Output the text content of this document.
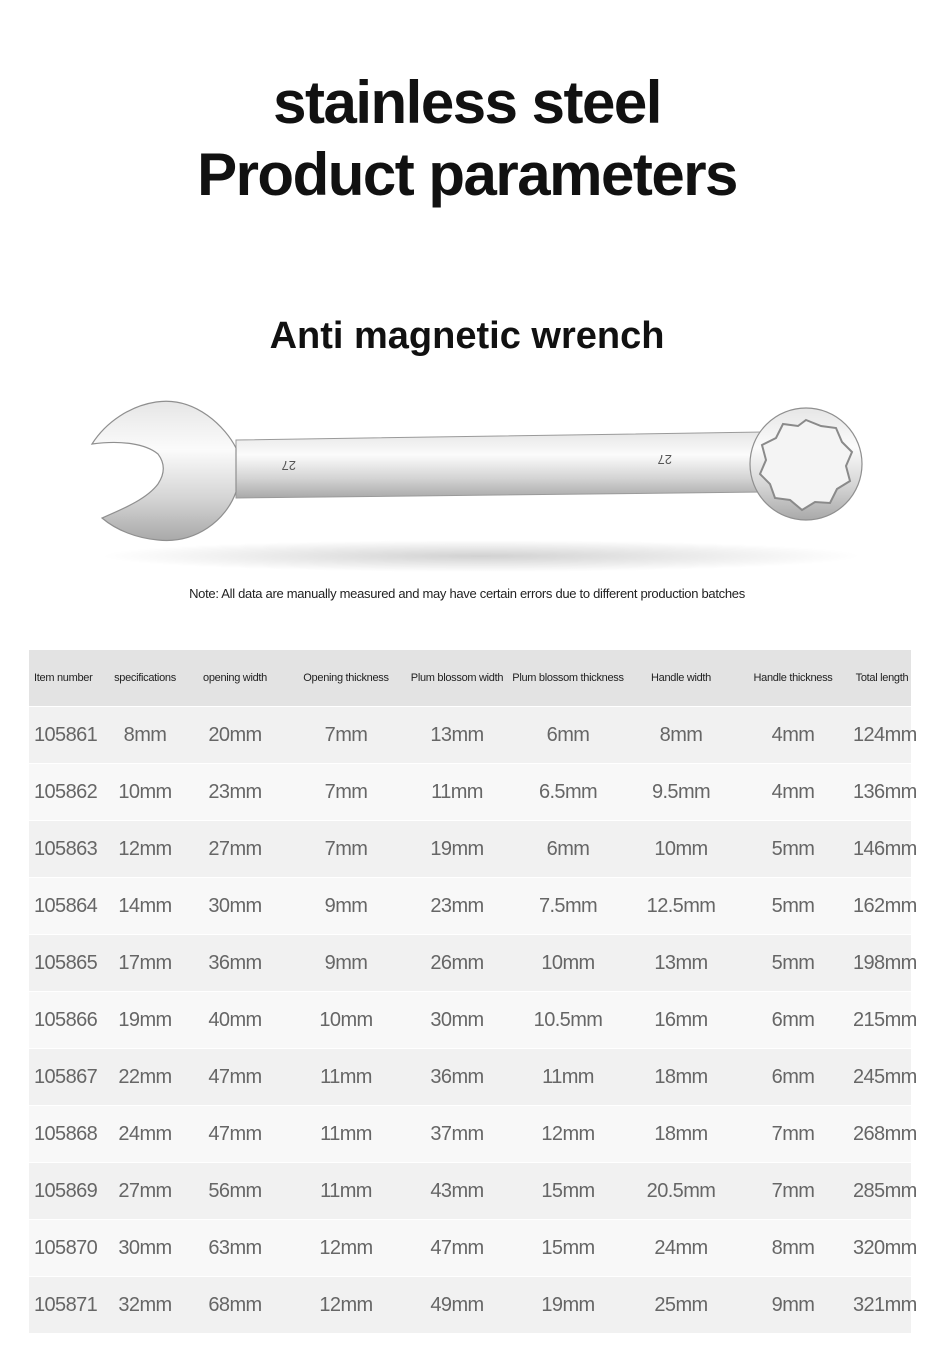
stainless steel
Product parameters
Anti magnetic wrench
27	27
Note: All data are manually measured and may have certain errors due to different production batches
Item number	specifications	opening width	Opening thickness	Plum blossom width	Plum blossom thickness	Handle width	Handle thickness	Total length
105861	8mm	20mm	7mm	13mm	6mm	8mm	4mm	124mm
105862	10mm	23mm	7mm	11mm	6.5mm	9.5mm	4mm	136mm
105863	12mm	27mm	7mm	19mm	6mm	10mm	5mm	146mm
105864	14mm	30mm	9mm	23mm	7.5mm	12.5mm	5mm	162mm
105865	17mm	36mm	9mm	26mm	10mm	13mm	5mm	198mm
105866	19mm	40mm	10mm	30mm	10.5mm	16mm	6mm	215mm
105867	22mm	47mm	11mm	36mm	11mm	18mm	6mm	245mm
105868	24mm	47mm	11mm	37mm	12mm	18mm	7mm	268mm
105869	27mm	56mm	11mm	43mm	15mm	20.5mm	7mm	285mm
105870	30mm	63mm	12mm	47mm	15mm	24mm	8mm	320mm
105871	32mm	68mm	12mm	49mm	19mm	25mm	9mm	321mm
